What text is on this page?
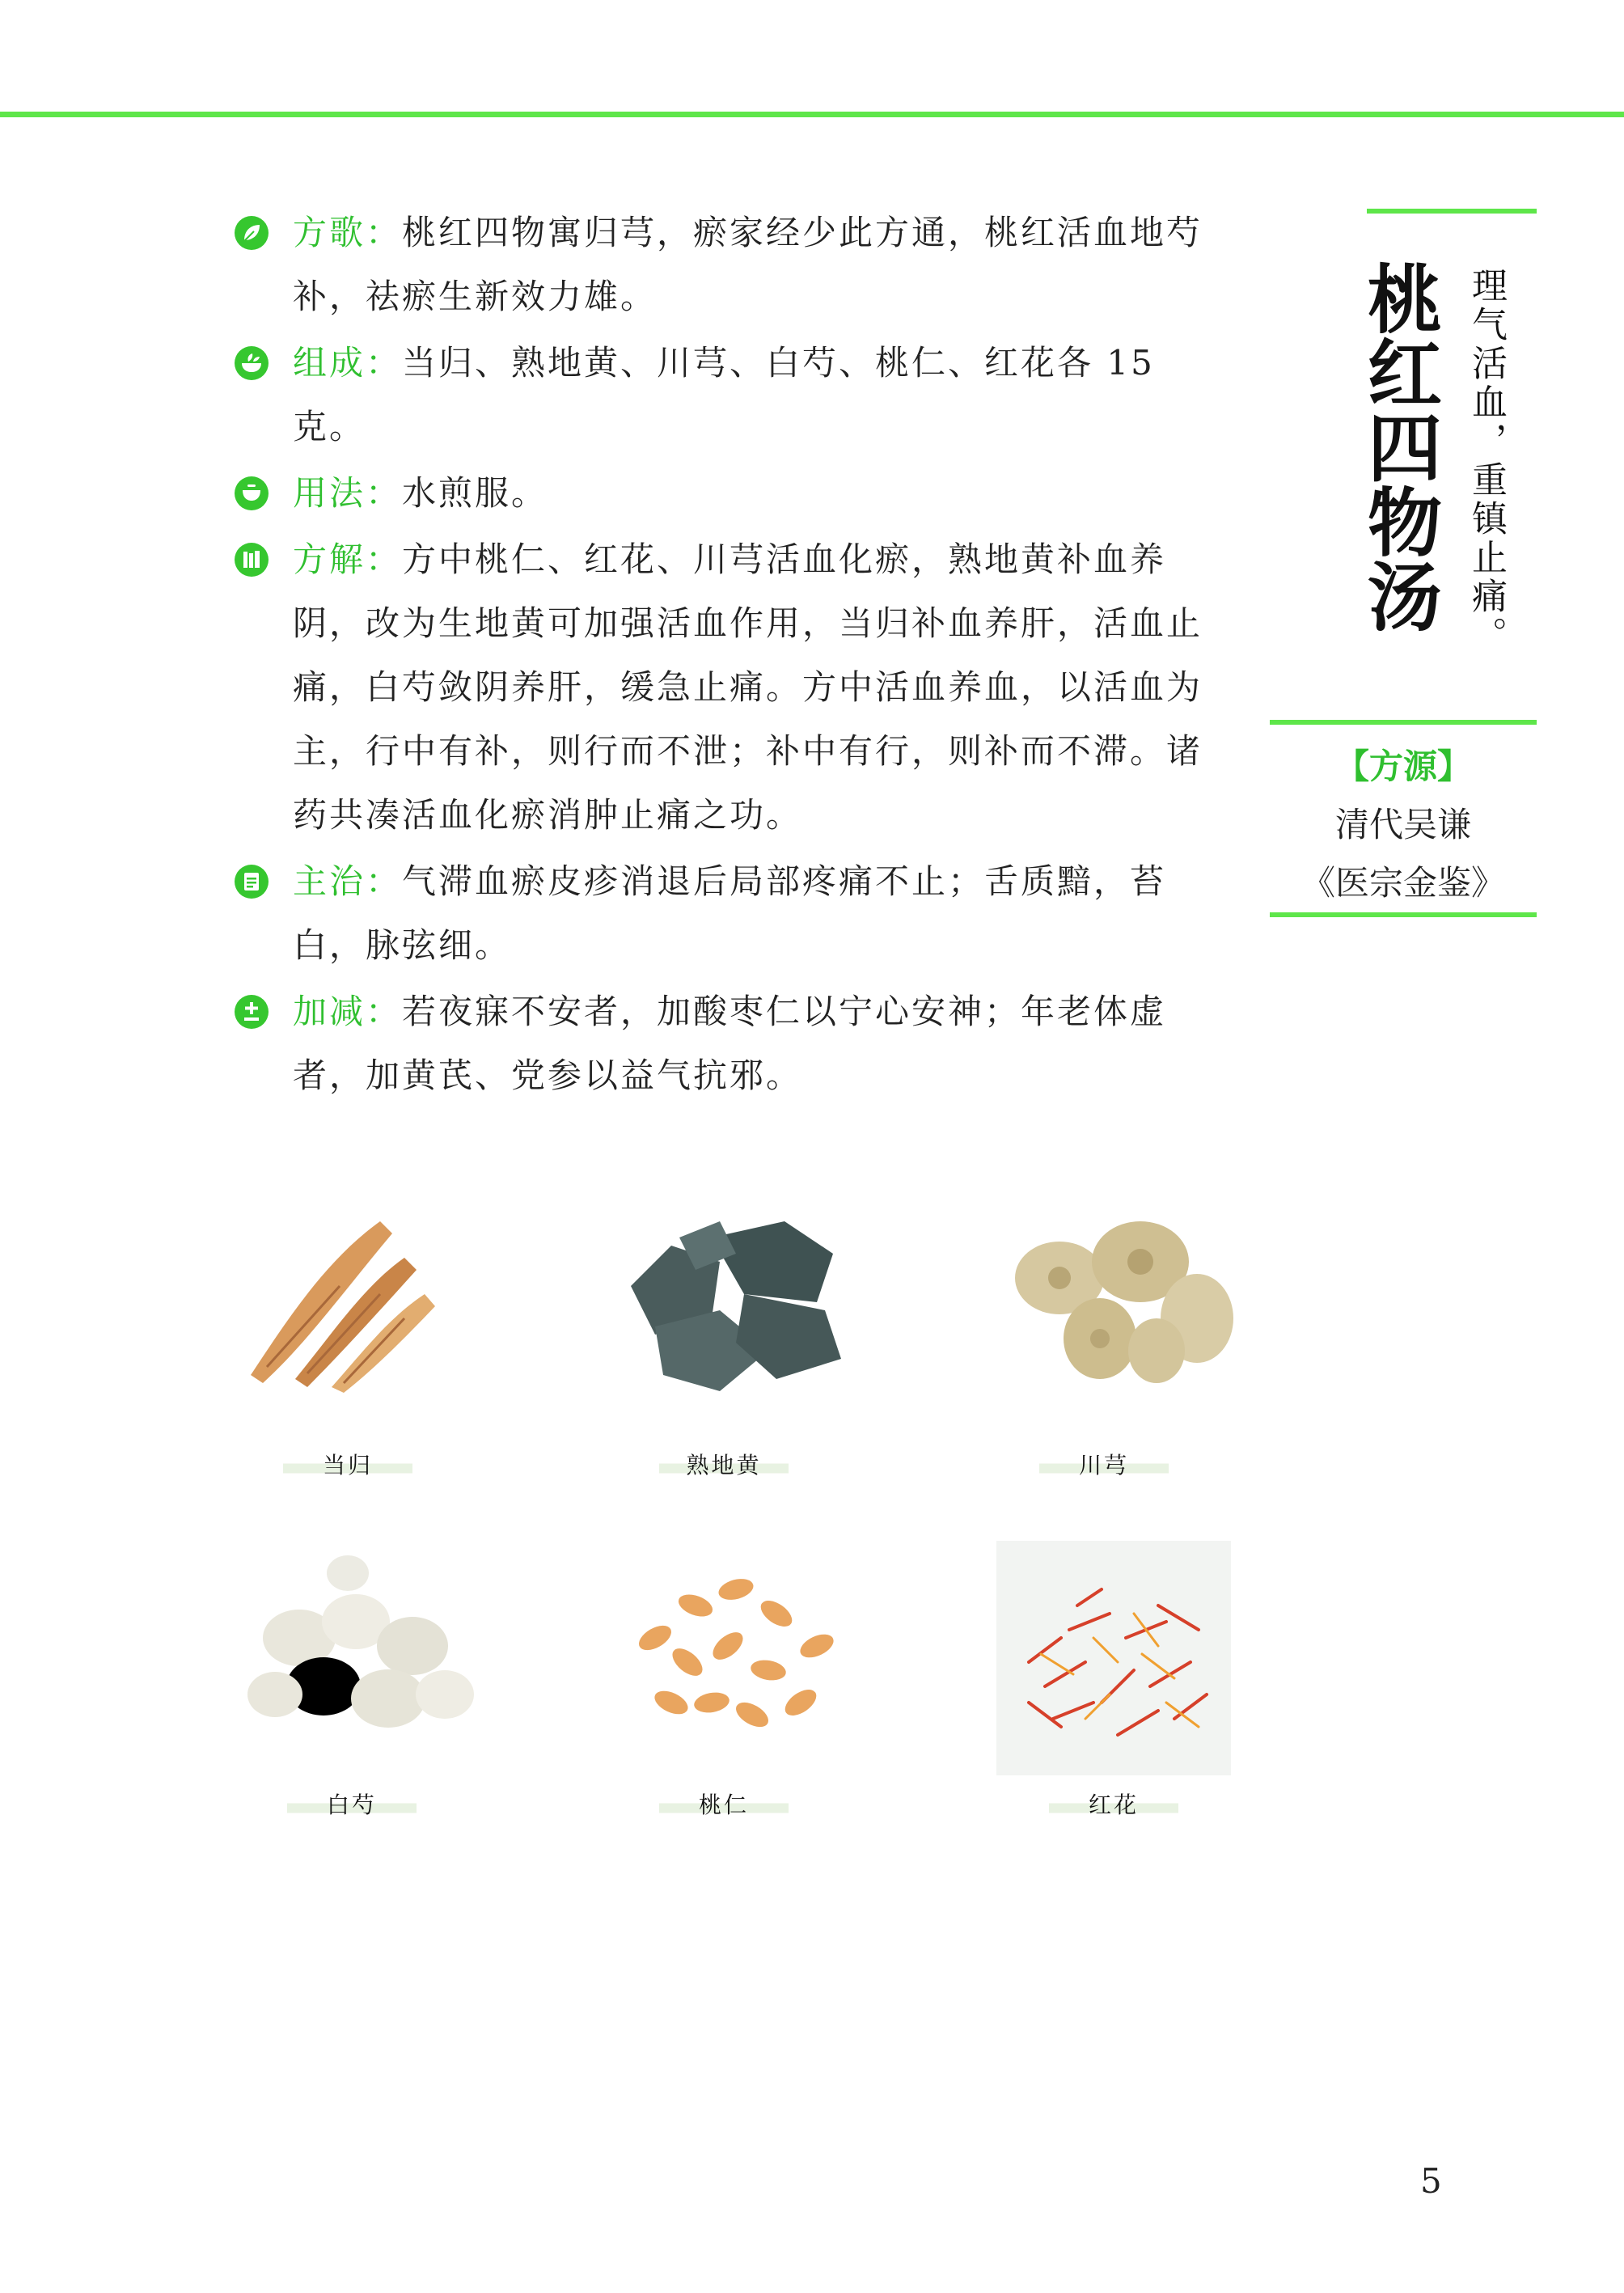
方歌：桃红四物寓归芎，瘀家经少此方通，桃红活血地芍补，祛瘀生新效力雄。
组成：当归、熟地黄、川芎、白芍、桃仁、红花各 15 克。
用法：水煎服。
方解：方中桃仁、红花、川芎活血化瘀，熟地黄补血养阴，改为生地黄可加强活血作用，当归补血养肝，活血止痛，白芍敛阴养肝，缓急止痛。方中活血养血，以活血为主，行中有补，则行而不泄；补中有行，则补而不滞。诸药共凑活血化瘀消肿止痛之功。
主治：气滞血瘀皮疹消退后局部疼痛不止；舌质黯，苔白，脉弦细。
加减：若夜寐不安者，加酸枣仁以宁心安神；年老体虚者，加黄芪、党参以益气抗邪。
桃红四物汤 理气活血，重镇止痛。
【方源】
清代吴谦
《医宗金鉴》
当归	熟地黄	川芎
白芍	桃仁	红花
5
